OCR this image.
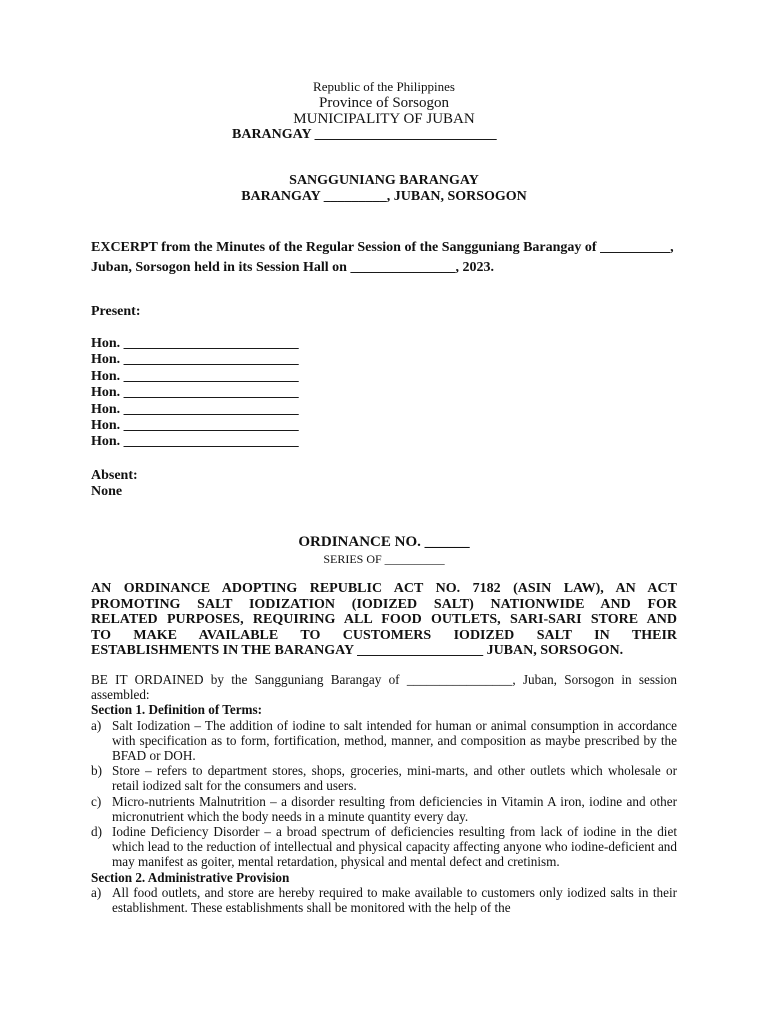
Republic of the Philippines
Province of Sorsogon
MUNICIPALITY OF JUBAN
BARANGAY __________________________
SANGGUNIANG BARANGAY
BARANGAY _________, JUBAN, SORSOGON
EXCERPT from the Minutes of the Regular Session of the Sangguniang Barangay of __________, Juban, Sorsogon held in its Session Hall on _______________, 2023.
Present:
Hon. _________________________
Hon. _________________________
Hon. _________________________
Hon. _________________________
Hon. _________________________
Hon. _________________________
Hon. _________________________
Absent:
None
ORDINANCE NO. ______
SERIES OF __________
AN ORDINANCE ADOPTING REPUBLIC ACT NO. 7182 (ASIN LAW), AN ACT
PROMOTING SALT IODIZATION (IODIZED SALT) NATIONWIDE AND FOR
RELATED PURPOSES, REQUIRING ALL FOOD OUTLETS, SARI-SARI STORE AND
TO MAKE AVAILABLE TO CUSTOMERS IODIZED SALT IN THEIR
ESTABLISHMENTS IN THE BARANGAY __________________ JUBAN, SORSOGON.

BE IT ORDAINED by the Sangguniang Barangay of ________________, Juban, Sorsogon in session assembled:

Section 1. Definition of Terms:

a) Salt Iodization – The addition of iodine to salt intended for human or animal consumption in accordance with specification as to form, fortification, method, manner, and composition as maybe prescribed by the BFAD or DOH.
b) Store – refers to department stores, shops, groceries, mini-marts, and other outlets which wholesale or retail iodized salt for the consumers and users.
c) Micro-nutrients Malnutrition – a disorder resulting from deficiencies in Vitamin A iron, iodine and other micronutrient which the body needs in a minute quantity every day.
d) Iodine Deficiency Disorder – a broad spectrum of deficiencies resulting from lack of iodine in the diet which lead to the reduction of intellectual and physical capacity affecting anyone who iodine-deficient and may manifest as goiter, mental retardation, physical and mental defect and cretinism.

Section 2. Administrative Provision

a) All food outlets, and store are hereby required to make available to customers only iodized salts in their establishment. These establishments shall be monitored with the help of the
